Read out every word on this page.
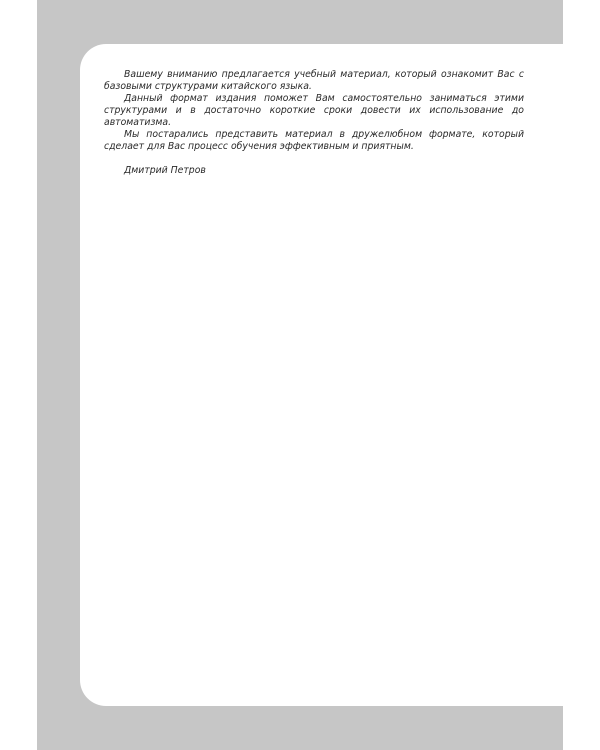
Вашему вниманию предлагается учебный материал, который ознакомит Вас с базовыми структурами китайского языка.

Данный формат издания поможет Вам самостоятельно заниматься этими структурами и в достаточно короткие сроки довести их использование до автоматизма.

Мы постарались представить материал в дружелюбном формате, который сделает для Вас процесс обучения эффективным и приятным.

Дмитрий Петров
